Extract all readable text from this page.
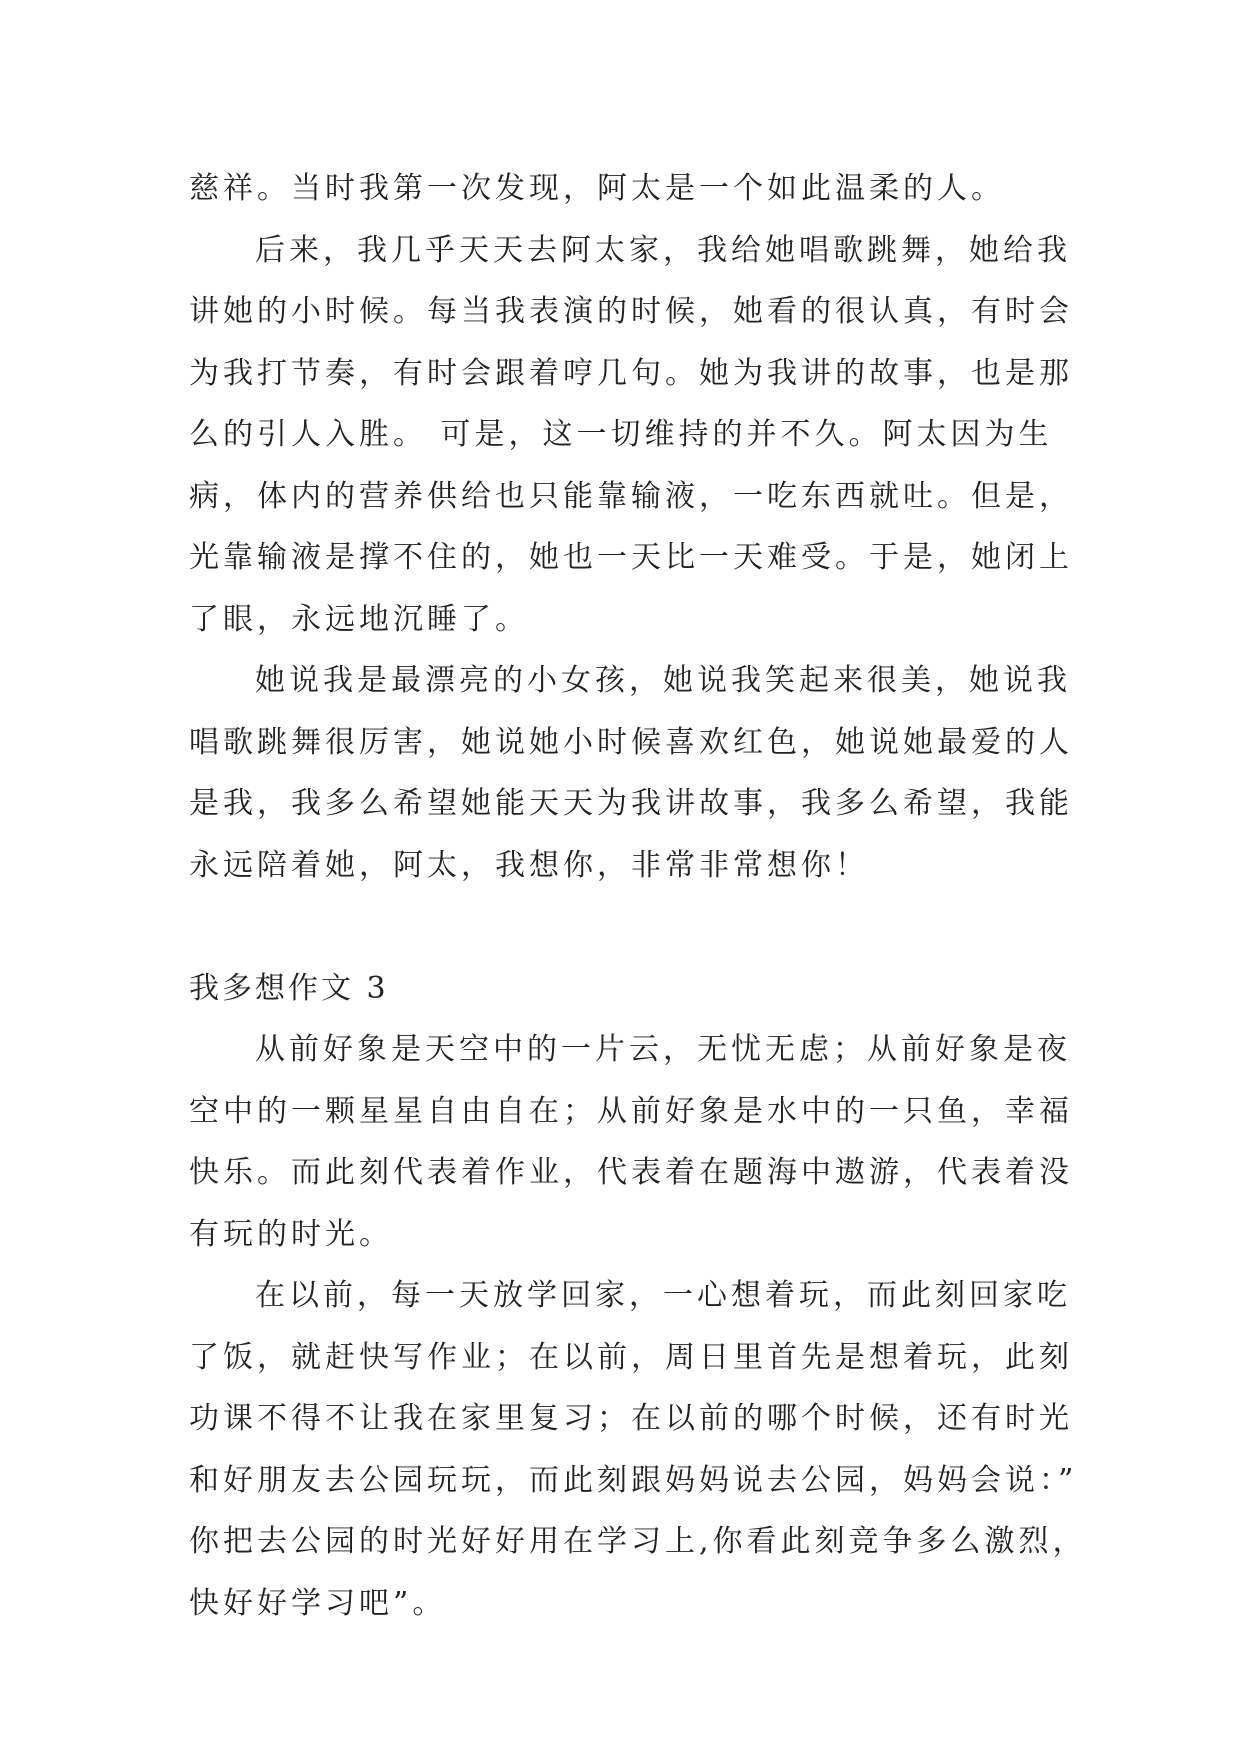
慈祥。当时我第一次发现，阿太是一个如此温柔的人。

后来，我几乎天天去阿太家，我给她唱歌跳舞，她给我

讲她的小时候。每当我表演的时候，她看的很认真，有时会

为我打节奏，有时会跟着哼几句。她为我讲的故事，也是那

么的引人入胜。 可是，这一切维持的并不久。阿太因为生

病，体内的营养供给也只能靠输液，一吃东西就吐。但是，

光靠输液是撑不住的，她也一天比一天难受。于是，她闭上

了眼，永远地沉睡了。

她说我是最漂亮的小女孩，她说我笑起来很美，她说我

唱歌跳舞很厉害，她说她小时候喜欢红色，她说她最爱的人

是我，我多么希望她能天天为我讲故事，我多么希望，我能

永远陪着她，阿太，我想你，非常非常想你！

我多想作文 3

从前好象是天空中的一片云，无忧无虑；从前好象是夜

空中的一颗星星自由自在；从前好象是水中的一只鱼，幸福

快乐。而此刻代表着作业，代表着在题海中遨游，代表着没

有玩的时光。

在以前，每一天放学回家，一心想着玩，而此刻回家吃

了饭，就赶快写作业；在以前，周日里首先是想着玩，此刻

功课不得不让我在家里复习；在以前的哪个时候，还有时光

和好朋友去公园玩玩，而此刻跟妈妈说去公园，妈妈会说：”

你把去公园的时光好好用在学习上,你看此刻竞争多么激烈，

快好好学习吧”。
